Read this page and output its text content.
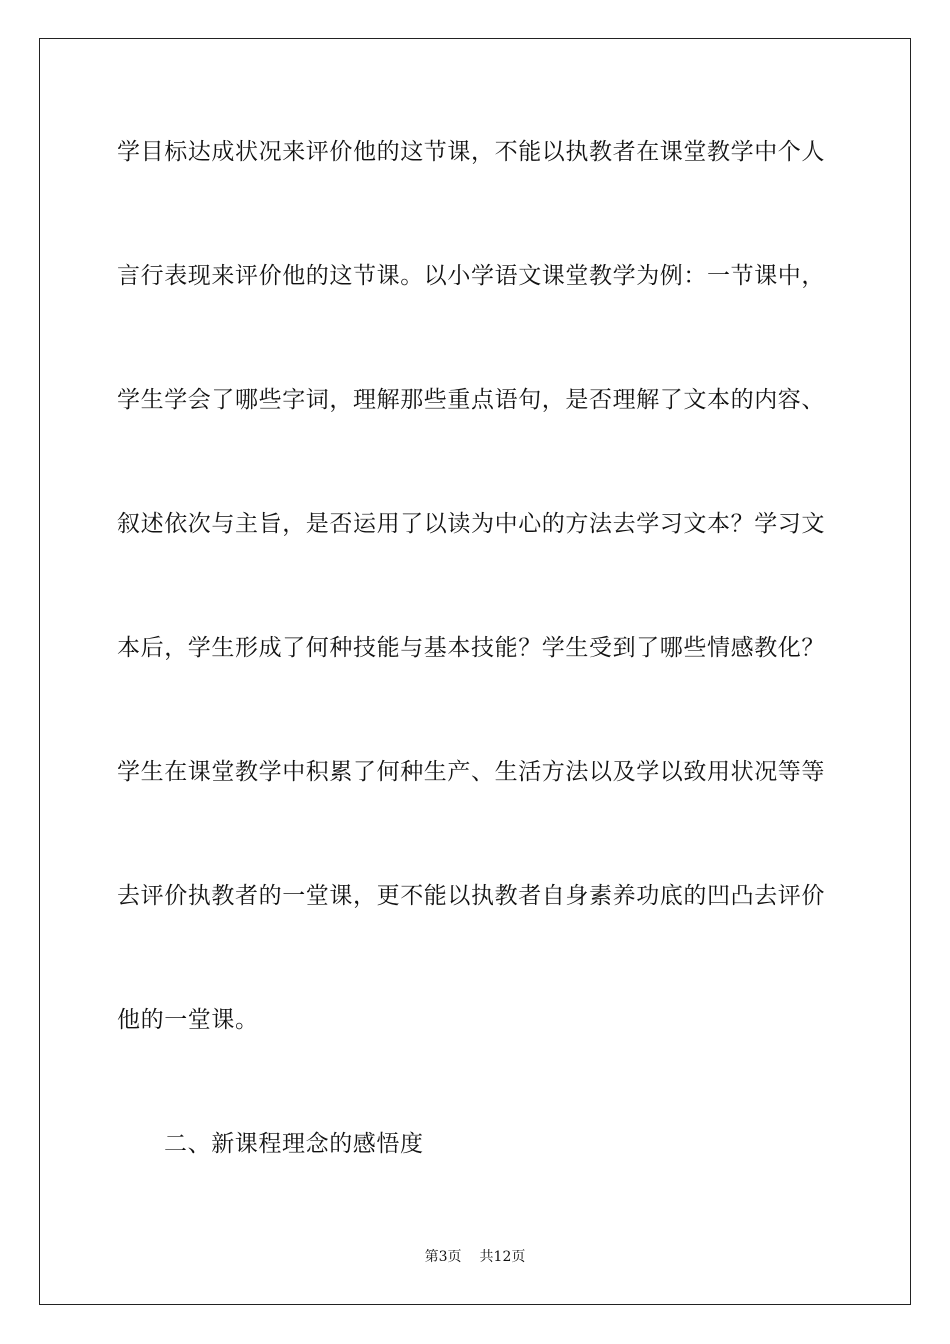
学目标达成状况来评价他的这节课，不能以执教者在课堂教学中个人
言行表现来评价他的这节课。以小学语文课堂教学为例：一节课中，
学生学会了哪些字词，理解那些重点语句，是否理解了文本的内容、
叙述依次与主旨，是否运用了以读为中心的方法去学习文本？学习文
本后，学生形成了何种技能与基本技能？学生受到了哪些情感教化？
学生在课堂教学中积累了何种生产、生活方法以及学以致用状况等等
去评价执教者的一堂课，更不能以执教者自身素养功底的凹凸去评价
他的一堂课。
二、新课程理念的感悟度
第3页 共12页
